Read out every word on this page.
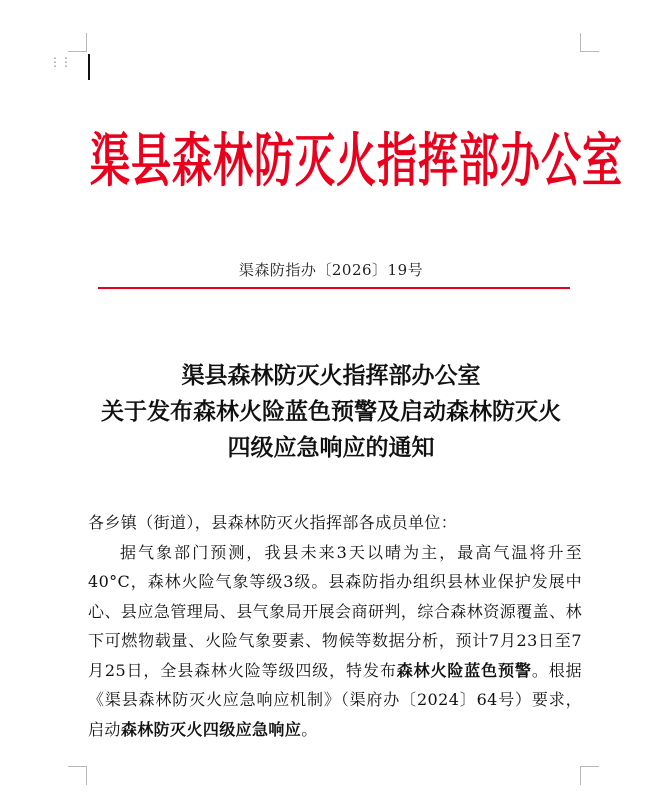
⋮⋮
渠县森林防灭火指挥部办公室
渠森防指办〔2026〕19号
渠县森林防灭火指挥部办公室
关于发布森林火险蓝色预警及启动森林防灭火
四级应急响应的通知
各乡镇（街道），县森林防灭火指挥部各成员单位：
据气象部门预测，我县未来3天以晴为主，最高气温将升至40°C，森林火险气象等级3级。县森防指办组织县林业保护发展中心、县应急管理局、县气象局开展会商研判，综合森林资源覆盖、林下可燃物载量、火险气象要素、物候等数据分析，预计7月23日至7月25日，全县森林火险等级四级，特发布森林火险蓝色预警。根据《渠县森林防灭火应急响应机制》（渠府办〔2024〕64号）要求，启动森林防灭火四级应急响应。
